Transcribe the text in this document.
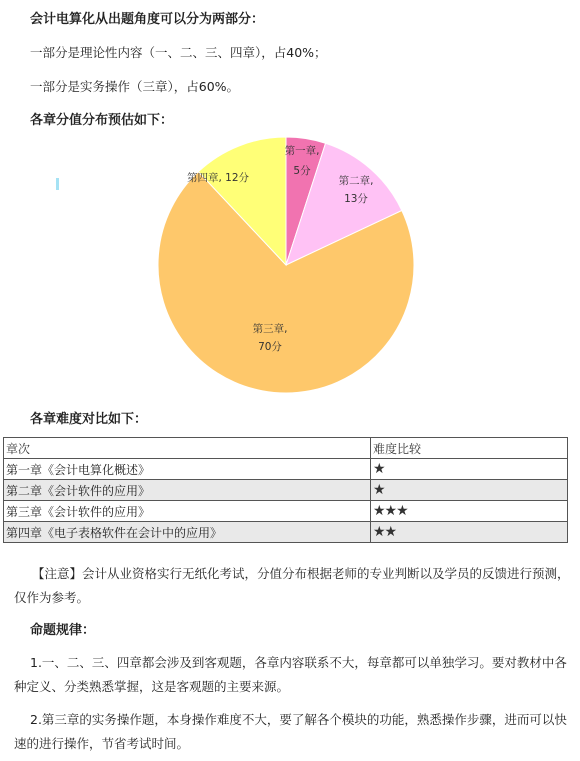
会计电算化从出题角度可以分为两部分：
一部分是理论性内容（一、二、三、四章），占40%；
一部分是实务操作（三章），占60%。
各章分值分布预估如下：
第一章,
5分
第二章,
13分
第三章,
70分
第四章, 12分
各章难度对比如下：
章次	难度比较
第一章《会计电算化概述》	★
第二章《会计软件的应用》	★
第三章《会计软件的应用》	★★★
第四章《电子表格软件在会计中的应用》	★★
【注意】会计从业资格实行无纸化考试，分值分布根据老师的专业判断以及学员的反馈进行预测，仅作为参考。
命题规律：
1.一、二、三、四章都会涉及到客观题，各章内容联系不大，每章都可以单独学习。要对教材中各种定义、分类熟悉掌握，这是客观题的主要来源。
2.第三章的实务操作题，本身操作难度不大，要了解各个模块的功能，熟悉操作步骤，进而可以快速的进行操作，节省考试时间。
